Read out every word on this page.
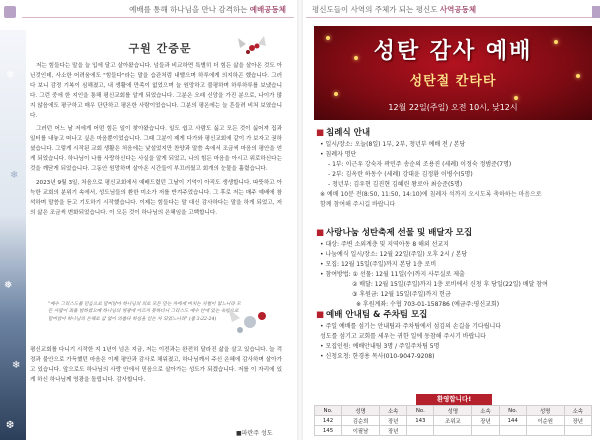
예배를 통해 하나님을 만나 감격하는 예배공동체
❄
❄
❅
❄
❆
구원 간증문

저는 힘들다는 말을 늘 입에 달고 살아왔습니다. 넘들과 비교하면 특별히 더 힘든 삶을 살아온 것도 아닌것인데, 사소한 어려움에도 "힘들다"라는 말을 습관처럼 내뱉으며 하루에게 의지하곤 했습니다. 그러다 보니 감정 기복이 심해졌고, 내 생활에 만족이 없었으며 늘 원망하고 불평하며 하루하루를 보냈습니다. 그런 중에 한 지인을 통해 평신교회를 알게 되었습니다. 그분은 오래 신앙을 가진 분으로, 나이가 많지 않음에도 평구하고 매우 단단하고 평온한 사람이었습니다. 그분의 평온에는 늘 흔들려 비쳐 보였습니다.

그러던 어느 날 저에게 어떤 힘든 일이 찾아왔습니다. 일도 쉽고 사람도 싫고 모든 것이 싫어져 집과 일터를 내놓고 떠나고 싶은 마음뿐이었습니다. 그때 그분이 제게 다가와 평신교회에 같이 가 보자고 권하셨습니다. 그렇게 시작된 교회 생활은 처음에는 낯설었지만 찬양과 말씀 속에서 조금씩 마음의 평안을 얻게 되었습니다. 하나님이 나를 사랑하신다는 사실을 알게 되었고, 나의 힘든 마음을 아시고 위로하신다는 것을 깨닫게 되었습니다. 그동안 원망하며 살아온 시간들이 부끄러웠고 회개의 눈물을 흘렸습니다.

2023년 9월 3일, 처음으로 평신교회에서 예배드렸던 그날이 기억이 아직도 생생합니다. 따뜻하고 아늑한 교회의 분위기 속에서, 성도님들의 환한 미소가 저를 반겨주었습니다. 그 후로 저는 매주 예배에 참석하며 말씀을 듣고 기도하기 시작했습니다. 이제는 힘들다는 말 대신 감사하다는 말을 하게 되었고, 저의 삶은 조금씩 변화되었습니다. 이 모든 것이 하나님의 은혜임을 고백합니다.

"예수 그리스도를 믿음으로 말미암아 하나님의 의로 모든 믿는 자에게 미치는 차별이 없느니라 모든 사람이 죄를 범하였으매 하나님의 영광에 이르지 못하더니 그리스도 예수 안에 있는 속량으로 말미암아 하나님의 은혜로 값 없이 의롭다 하심을 얻은 자 되었느니라" (롬 3:22-24)

평신교회를 다니기 시작한 지 1년이 넘은 지금, 저는 이전과는 완전히 달라진 삶을 살고 있습니다. 늘 걱정과 불안으로 가득했던 마음은 이제 평안과 감사로 채워졌고, 하나님께서 주신 은혜에 감사하며 살아가고 있습니다. 앞으로도 하나님의 사랑 안에서 믿음으로 살아가는 성도가 되겠습니다. 저를 이 자리에 있게 하신 하나님께 영광을 돌립니다. 감사합니다.

■파란주 성도
평신도들이 사역의 주체가 되는 평신도 사역공동체
성탄 감사 예배
성탄절 칸타타
12월 22일(주일) 오전 10시, 낮12시
■ 침례식 안내
• 일시/장소: 오늘(8일) 1부, 2부, 청년부 예배 전 / 본당
• 침례자 명단
- 1부: 이근우 강숙자 곽민주 송순의 조용진 (세례) 이정숙 정범준(7명)
- 2부: 김옥란 하동수 (세례) 강대윤 김정환 이병수(5명)
- 청년부: 김우현 김진현 김혜린 왕로아 최승준(5명)
※ 예배 10분 전(8:50, 11:50, 14:10)에 침례자 석까지 오시도록 축하하는 마음으로
함께 참여해 주시길 바랍니다
■ 사랑나눔 성탄축제 선물 및 배달자 모집
• 대상: 주변 소외계층 및 지역아동 8 해외 선교지
• 나눔예식 일시/장소: 12월 22일(주일) 오후 2시 / 본당
• 모집: 12월 15일(주일)까지 본당 1층 로비
• 참여방법: ① 선물: 12월 11일(수)까지 사무실로 제출
② 배달: 12월 15일(주일)까지 1층 로비에서 신청 후 당일(22일) 배달 참여
③ 후원금: 12월 15일(주일)까지 헌금
※ 후원계좌: 수협 703-01-158786 (예금주:평신교회)
■ 예배 안내팀 & 주차팀 모집
• 주일 예배를 섬기는 안내팀과 주차팀에서 섬김의 손길을 기다립니다
성도를 섬기고 교회를 세우는 귀한 일에 동참해 주시기 바랍니다
• 모집인원: 예배안내팀 3명 / 주일주차팀 5명
• 신청요청: 한경용 목사(010-9047-9208)
환영합니다!
No.	성명	소속	No.	성명	소속	No.	성명	소속
142	김순희	장년	143	조위교	장년	144	이순원	장년
145	이필남	장년						
